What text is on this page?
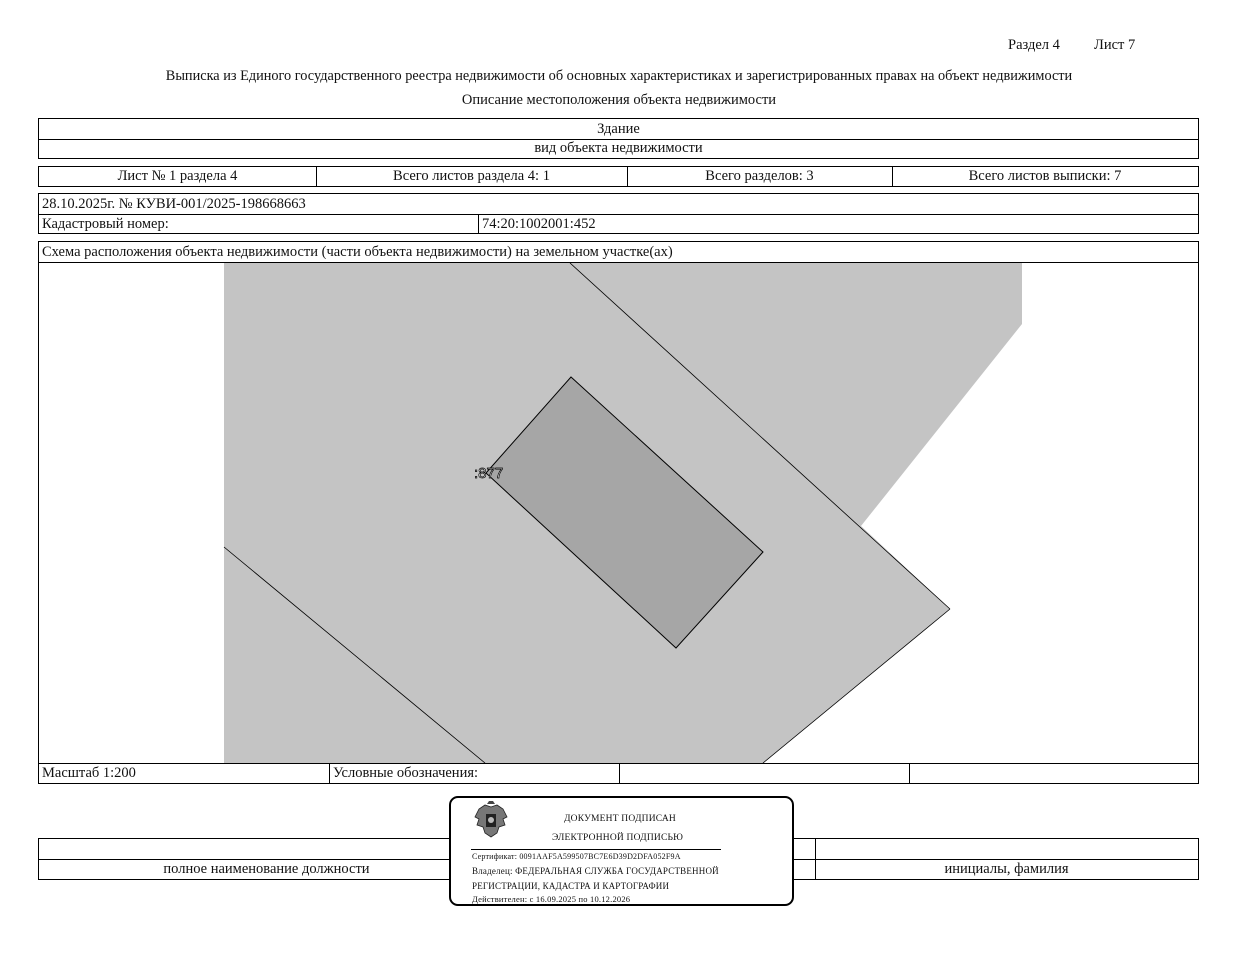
Раздел 4 Лист 7
Выписка из Единого государственного реестра недвижимости об основных характеристиках и зарегистрированных правах на объект недвижимости
Описание местоположения объекта недвижимости
Здание
вид объекта недвижимости
Лист № 1 раздела 4	Всего листов раздела 4: 1	Всего разделов: 3	Всего листов выписки: 7
28.10.2025г. № КУВИ-001/2025-198668663
Кадастровый номер:	74:20:1002001:452
Схема расположения объекта недвижимости (части объекта недвижимости) на земельном участке(ах)
:877
Масштаб 1:200	Условные обозначения:
полное наименование должности	инициалы, фамилия
ДОКУМЕНТ ПОДПИСАН
ЭЛЕКТРОННОЙ ПОДПИСЬЮ
Сертификат: 0091AAF5A599507BC7E6D39D2DFA052F9A
Владелец: ФЕДЕРАЛЬНАЯ СЛУЖБА ГОСУДАРСТВЕННОЙ
РЕГИСТРАЦИИ, КАДАСТРА И КАРТОГРАФИИ
Действителен: с 16.09.2025 по 10.12.2026
